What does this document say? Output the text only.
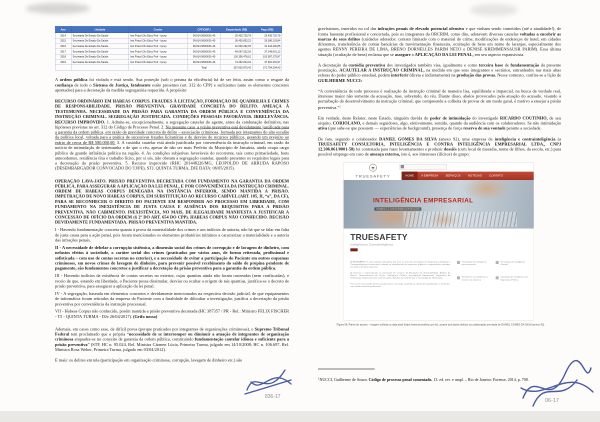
Ano	Unidade	Credor	CPF/CNPJ	Empenhado (R$)	Pago (R$)
2014	Secretaria De Estado Da Saúde	Inst Psicol Clin Educ Prof - Ipcep	09.814.080/0001-40	25.435.720,78	25.435.720,78
2015	Secretaria De Estado Da Saúde	Inst Psicol Clin Educ Prof - Ipcep	09.814.080/0001-40	36.450.853,22	26.386.103,84
2016	Secretaria De Estado Da Saúde	Inst Psicol Clin Educ Prof - Ipcep	09.814.080/0001-40	42.030.292,05	31.244.400,85
2017	Secretaria De Estado Da Saúde	Inst Psicol Clin Educ Prof - Ipcep	09.814.080/0001-40	49.067.522,26	37.149.601,12
2018	Secretaria De Estado Da Saúde	Inst Psicol Clin Educ Prof - Ipcep	09.814.080/0001-40	130.356.478,10	103.587.175,87
2019	Secretaria De Estado Da Saúde	Inst Psicol Clin Educ Prof - Ipcep	09.814.080/0001-40	74.262.004,02	47.991.291,97
			Total	357.602.870,43	271.794.294,43

A ordem pública foi violada e está sendo. Sua proteção (sob o prisma da eficiência) há de ser feita, assim como o resgate da confiança de todo o Sistema de Justiça, fatalmente estão presentes (art. 312 do CPP) e suficientes (ante os elementos concretos apontados) para a decretação da medida segregatória requerida. A propósito:

RECURSO ORDINÁRIO EM HABEAS CORPUS. FRAUDES À LICITAÇÃO, FORMAÇÃO DE QUADRILHA E CRIMES DE RESPONSABILIDADE. PRISÃO PREVENTIVA. GRAVIDADE CONCRETA DO DELITO. AMEAÇA À TESTEMUNHA. NECESSIDADE DA PRISÃO PARA GARANTIA DA ORDEM PÚBLICA E CONVENIÊNCIA DA INSTRUÇÃO CRIMINAL. SEGREGAÇÃO JUSTIFICADA. CONDIÇÕES PESSOAIS FAVORÁVEIS. IRRELEVÂNCIA. RECURSO IMPROVIDO. 1. Admite-se, excepcionalmente, a segregação cautelar do agente, antes da condenação definitiva, nas hipóteses previstas no art. 312 do Código de Processo Penal. 2. No presente caso, a prisão preventiva está devidamente justificada para a garantia da ordem pública, em razão da gravidade concreta do delito – associação criminosa, formada por integrantes do alto escalão da política local, voltada para a prática de sucessivas fraudes licitatórias e de desvios de recursos públicos, gerando um prejuízo ao erário de cerca de R$ 580.000,00. 3. A custódia cautelar está ainda justificada por conveniência da instrução criminal, em razão da notícia de intimidação de testemunha e de que o réu, apesar de não ser mais Prefeito do Município de Januária, ainda ocupa cargo público de grande influência política na região. 4. As condições subjetivas favoráveis do recorrente, tais como primariedade, bons antecedentes, residência fixa e trabalho lícito, por si sós, não obstam a segregação cautelar, quando presentes os requisitos legais para a decretação da prisão preventiva. 5. Recurso improvido (RHC 201448226/MG, LEOPOLDO DE ARRUDA RAPOSO (DESEMBARGADOR CONVOCADO DO TJ/PE), STJ, QUINTA TURMA, DJE DATA: 06/05/2015).

OPERAÇÃO LAVA-JATO. PRISÃO PREVENTIVA DECRETADA COM FUNDAMENTO NA GARANTIA DA ORDEM PÚBLICA, PARA ASSEGURAR A APLICAÇÃO DA LEI PENAL, E POR CONVENIÊNCIA DA INSTRUÇÃO CRIMINAL. ORDEM DE HABEAS CORPUS DENEGADA NA INSTÂNCIA INFERIOR, SENDO MANTIDA A PRISÃO. IMPETRAÇÃO DE NOVO HABEAS CORPUS, EM SUBSTITUIÇÃO AO RECURSO CABÍVEL (ART. 105, II, “a”, DA CF), PARA SE RECONHECER O DIREITO DO PACIENTE EM RESPONDER AO PROCESSO EM LIBERDADE, COM FUNDAMENTO NA INEXISTÊNCIA DE JUSTA CAUSA E AUSÊNCIA DOS REQUISITOS PARA A PRISÃO PREVENTIVA. NÃO CABIMENTO. INEXISTÊNCIA, NO MAIS, DE ILEGALIDADE MANIFESTA A JUSTIFICAR A CONCESSÃO DE OFÍCIO DA ORDEM (§ 2º DO ART. 654 DO CPP). HABEAS CORPUS NÃO CONHECIDO. DECISÃO DEVIDAMENTE FUNDAMENTADA. PRISÃO PREVENTIVA MANTIDA.

I - Havendo fundamentação concreta quanto à prova da materialidade dos crimes e aos indícios de autoria, não há que se falar em falta de justa causa para a ação penal, pois foram mencionados os elementos probatórios mínimos a caracterizar a materialidade e a autoria das infrações penais.

II - A necessidade de debelar a corrupção sistêmica, a dimensão social dos crimes de corrupção e de lavagem de dinheiro, com nefastos efeitos à sociedade, o caráter serial dos crimes (praticados por vários anos, de forma reiterada, profissional e sofisticada – com uso de contas secretas no exterior), e a necessidade de evitar a participação do Paciente em outros esquemas criminosos, em novos crimes de lavagem de dinheiro, para prevenir possível recebimento do saldo de propina pendente de pagamento, são fundamentos concretos a justificar a decretação da prisão preventiva para a garantia da ordem pública.

III - Havendo indícios da existência de contas secretas no exterior, cujas quantias ainda não foram rastreadas (nem confiscadas), e receio de que, estando em liberdade, o Paciente possa dissimular, desviar ou ocultar a origem de tais quantias, justifica-se o decreto de prisão preventiva, para assegurar a aplicação da lei penal.

IV - A segregação, baseada em elementos concretos e devidamente mencionados na respectiva decisão judicial, de que equipamentos de informática foram retirados da empresa do Paciente com a finalidade de dificultar a investigação, justifica a decretação da prisão preventiva por conveniência da instrução processual.

VII - Habeas Corpus não conhecido, porém mantida a prisão preventiva decretada (HC 387357 / PR - Rel.: Ministro FELIX FISCHER - T5 - QUINTA TURMA - DJe 26/04/2017). (Grifo nosso)

Ademais, em casos como esse, de difícil prova (porque praticados por integrantes de organizações criminosas), o Supremo Tribunal Federal tem proclamado que a própria “necessidade de se interromper ou diminuir a atuação de integrantes de organização criminosa enquadra-se no conceito de garantia da ordem pública, constituindo fundamentação cautelar idônea e suficiente para a prisão preventiva” (STF, HC n. 95.024, Rel. Ministra Cármen Lúcia, Primeira Turma, julgado em 14/10/2008; HC n. 106.697, Rel. Ministra Rosa Weber, Primeira Turma, julgado em 03/04/2012).

E mais: os delitos em tela (participação em organização criminosa, corrupção, lavagem de dinheiro etc.) são

gravíssimos, inseridos no rol das infrações penais de elevado potencial ofensivo e que vinham sendo cometidos (até a atualidade!), de forma bastante profissional e concertada, pois os integrantes da ORCRIM, como dito, adotavam diversas cautelas voltadas a encobrir as marcas de seus delitos (cuidados adotados: contato limitado com o material do crime, modificações de endereços de hotel, em cidades diferentes, transferência de contas bancárias de movimentação financeira, ocultação de bens em nome de laranjas, especialmente dos agentes RENNY PEREIRA DE LIMA, BRENO DORNELLES PARIM NETO e DENISE KREMMENSAUSR PARIM). Essa última situação (ocultação de bens) reclama que se assegure a APLICAÇÃO DA LEI PENAL, em seu aspecto expansivista.

A decretação da custódia preventiva dos investigados também visa, igualmente e como terceira base de fundamentação da presente postulação, ACAUTELAR A INSTRUÇÃO CRIMINAL, na medida em que seus integrantes e sectários, entranhados nas mais altas esferas do poder público estadual, podem interferir (direta e indiretamente) na produção das provas. Nesse contexto, confira-se a lição de GUILHERME NUCCI:

“A conveniência de todo processo é realização da instrução criminal de maneira lisa, equilibrada e imparcial, na busca da verdade real, interesse maior não somente da acusação, mas, sobretudo, do réu. Diante disso, abalos provocados pela atuação do acusado, visando à perturbação do desenvolvimento da instrução criminal, que compreende a colheita de provas de um modo geral, é motivo a ensejar a prisão preventiva.”$^1$

Em verdade, deste Relator, neste Estado, ninguém duvida do poder de intimidação do investigado RICARDO COUTINHO, de seu séquito, CORIOLANO, e demais seguidores, algo, efetivamente, sentido, quando da audiência com os colaboradores. Se não intimidação ativa (que sabe-se que possuem — experiências de background), presença de força reserva de sua vontade perante a sociedade.

De fato, segundo o colaborador DANIEL GOMES DA SILVA (anexo 92), uma empresa de inteligência e contrainteligência (a TRUESAFETY CONSULTORIA, INTELIGÊNCIA E CONTRA INTELIGÊNCIA EMPRESARIAL LTDA., CNPJ 12.306.061/0001-58) foi contratada para fazer levantamentos e produzir dossiês (com local de moradia, nome de filhos, da escola, etc.) para possível emprego em caso de ameaça externa, isto é, aos interesses (ilícitos) do grupo:

TRUESAFETY	HOME A EMPRESA SERVIÇOS NOTÍCIAS CONTATO
INTELIGÊNCIA EMPRESARIAL
Inteligência e Contrainteligência Empresarial
TRUESAFETY
Inteligência e Contrainteligência

A TRUESAFETY é uma empresa brasileira que atua na área de consultoria em Segurança Integrada e Contrainteligência Institucional, voltada ao atendimento de empresas públicas e organizações privadas em todo o território nacional.

A empresa é especializada na prestação de serviços de Avaliação de Vulnerabilidade, Análise de Riscos, Gerenciamento de Crises, Inteligência Política, Investigação Empresarial, Segurança da Informação, Segurança das Comunicações, Análise de Conjunturas e Tecnologia da Informação.

Possui em seu quadro técnico profissionais com larga experiência, altamente qualificados e treinados, com sólida vivência profissional.

Tecnologia de inteligência governamental
Tecnologia de Inteligência Privada
Servidores em problemas e clientes da empresa
Operação de inteligência em Segurança Pública

Figura 06: Painel de acesso – imagem colhida na data atual (https://www.truesafety.com.br), a partir dos dados obtidos na colaboração premiada de DANIEL GOMES DA SILVA (anexo 92).

$^1$NUCCI, Guilherme de Souza. Código de processo penal comentado. 13. ed. rev. e ampl. – Rio de Janeiro: Forense, 2014, p. 708.

836-17
06-17
